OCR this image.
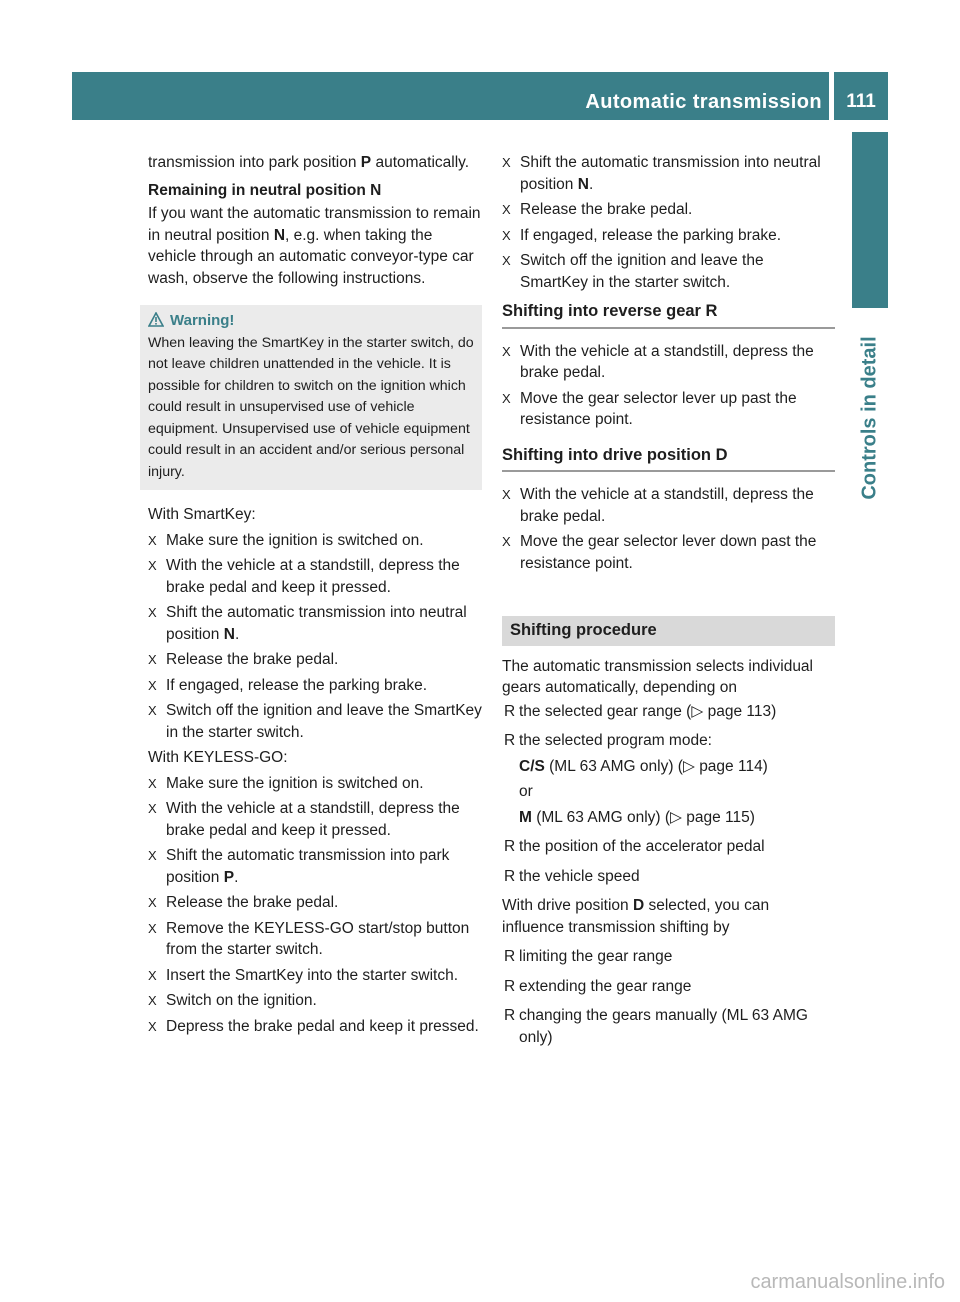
Automatic transmission	111
Controls in detail

transmission into park position P automatically.

Remaining in neutral position N

If you want the automatic transmission to remain in neutral position N, e.g. when taking the vehicle through an automatic conveyor-type car wash, observe the following instructions.

Warning!
When leaving the SmartKey in the starter switch, do not leave children unattended in the vehicle. It is possible for children to switch on the ignition which could result in unsupervised use of vehicle equipment. Unsupervised use of vehicle equipment could result in an accident and/or serious personal injury.

With SmartKey:

X Make sure the ignition is switched on.
X With the vehicle at a standstill, depress the brake pedal and keep it pressed.
X Shift the automatic transmission into neutral position N.
X Release the brake pedal.
X If engaged, release the parking brake.
X Switch off the ignition and leave the SmartKey in the starter switch.

With KEYLESS-GO:

X Make sure the ignition is switched on.
X With the vehicle at a standstill, depress the brake pedal and keep it pressed.
X Shift the automatic transmission into park position P.
X Release the brake pedal.
X Remove the KEYLESS-GO start/stop button from the starter switch.
X Insert the SmartKey into the starter switch.
X Switch on the ignition.
X Depress the brake pedal and keep it pressed.
X Shift the automatic transmission into neutral position N.
X Release the brake pedal.
X If engaged, release the parking brake.
X Switch off the ignition and leave the SmartKey in the starter switch.
Shifting into reverse gear R
X With the vehicle at a standstill, depress the brake pedal.
X Move the gear selector lever up past the resistance point.
Shifting into drive position D
X With the vehicle at a standstill, depress the brake pedal.
X Move the gear selector lever down past the resistance point.
Shifting procedure

The automatic transmission selects individual gears automatically, depending on

R the selected gear range (▷ page 113)
R the selected program mode:
C/S (ML 63 AMG only) (▷ page 114)
or
M (ML 63 AMG only) (▷ page 115)
R the position of the accelerator pedal
R the vehicle speed

With drive position D selected, you can influence transmission shifting by

R limiting the gear range
R extending the gear range
R changing the gears manually (ML 63 AMG only)
carmanualsonline.info
